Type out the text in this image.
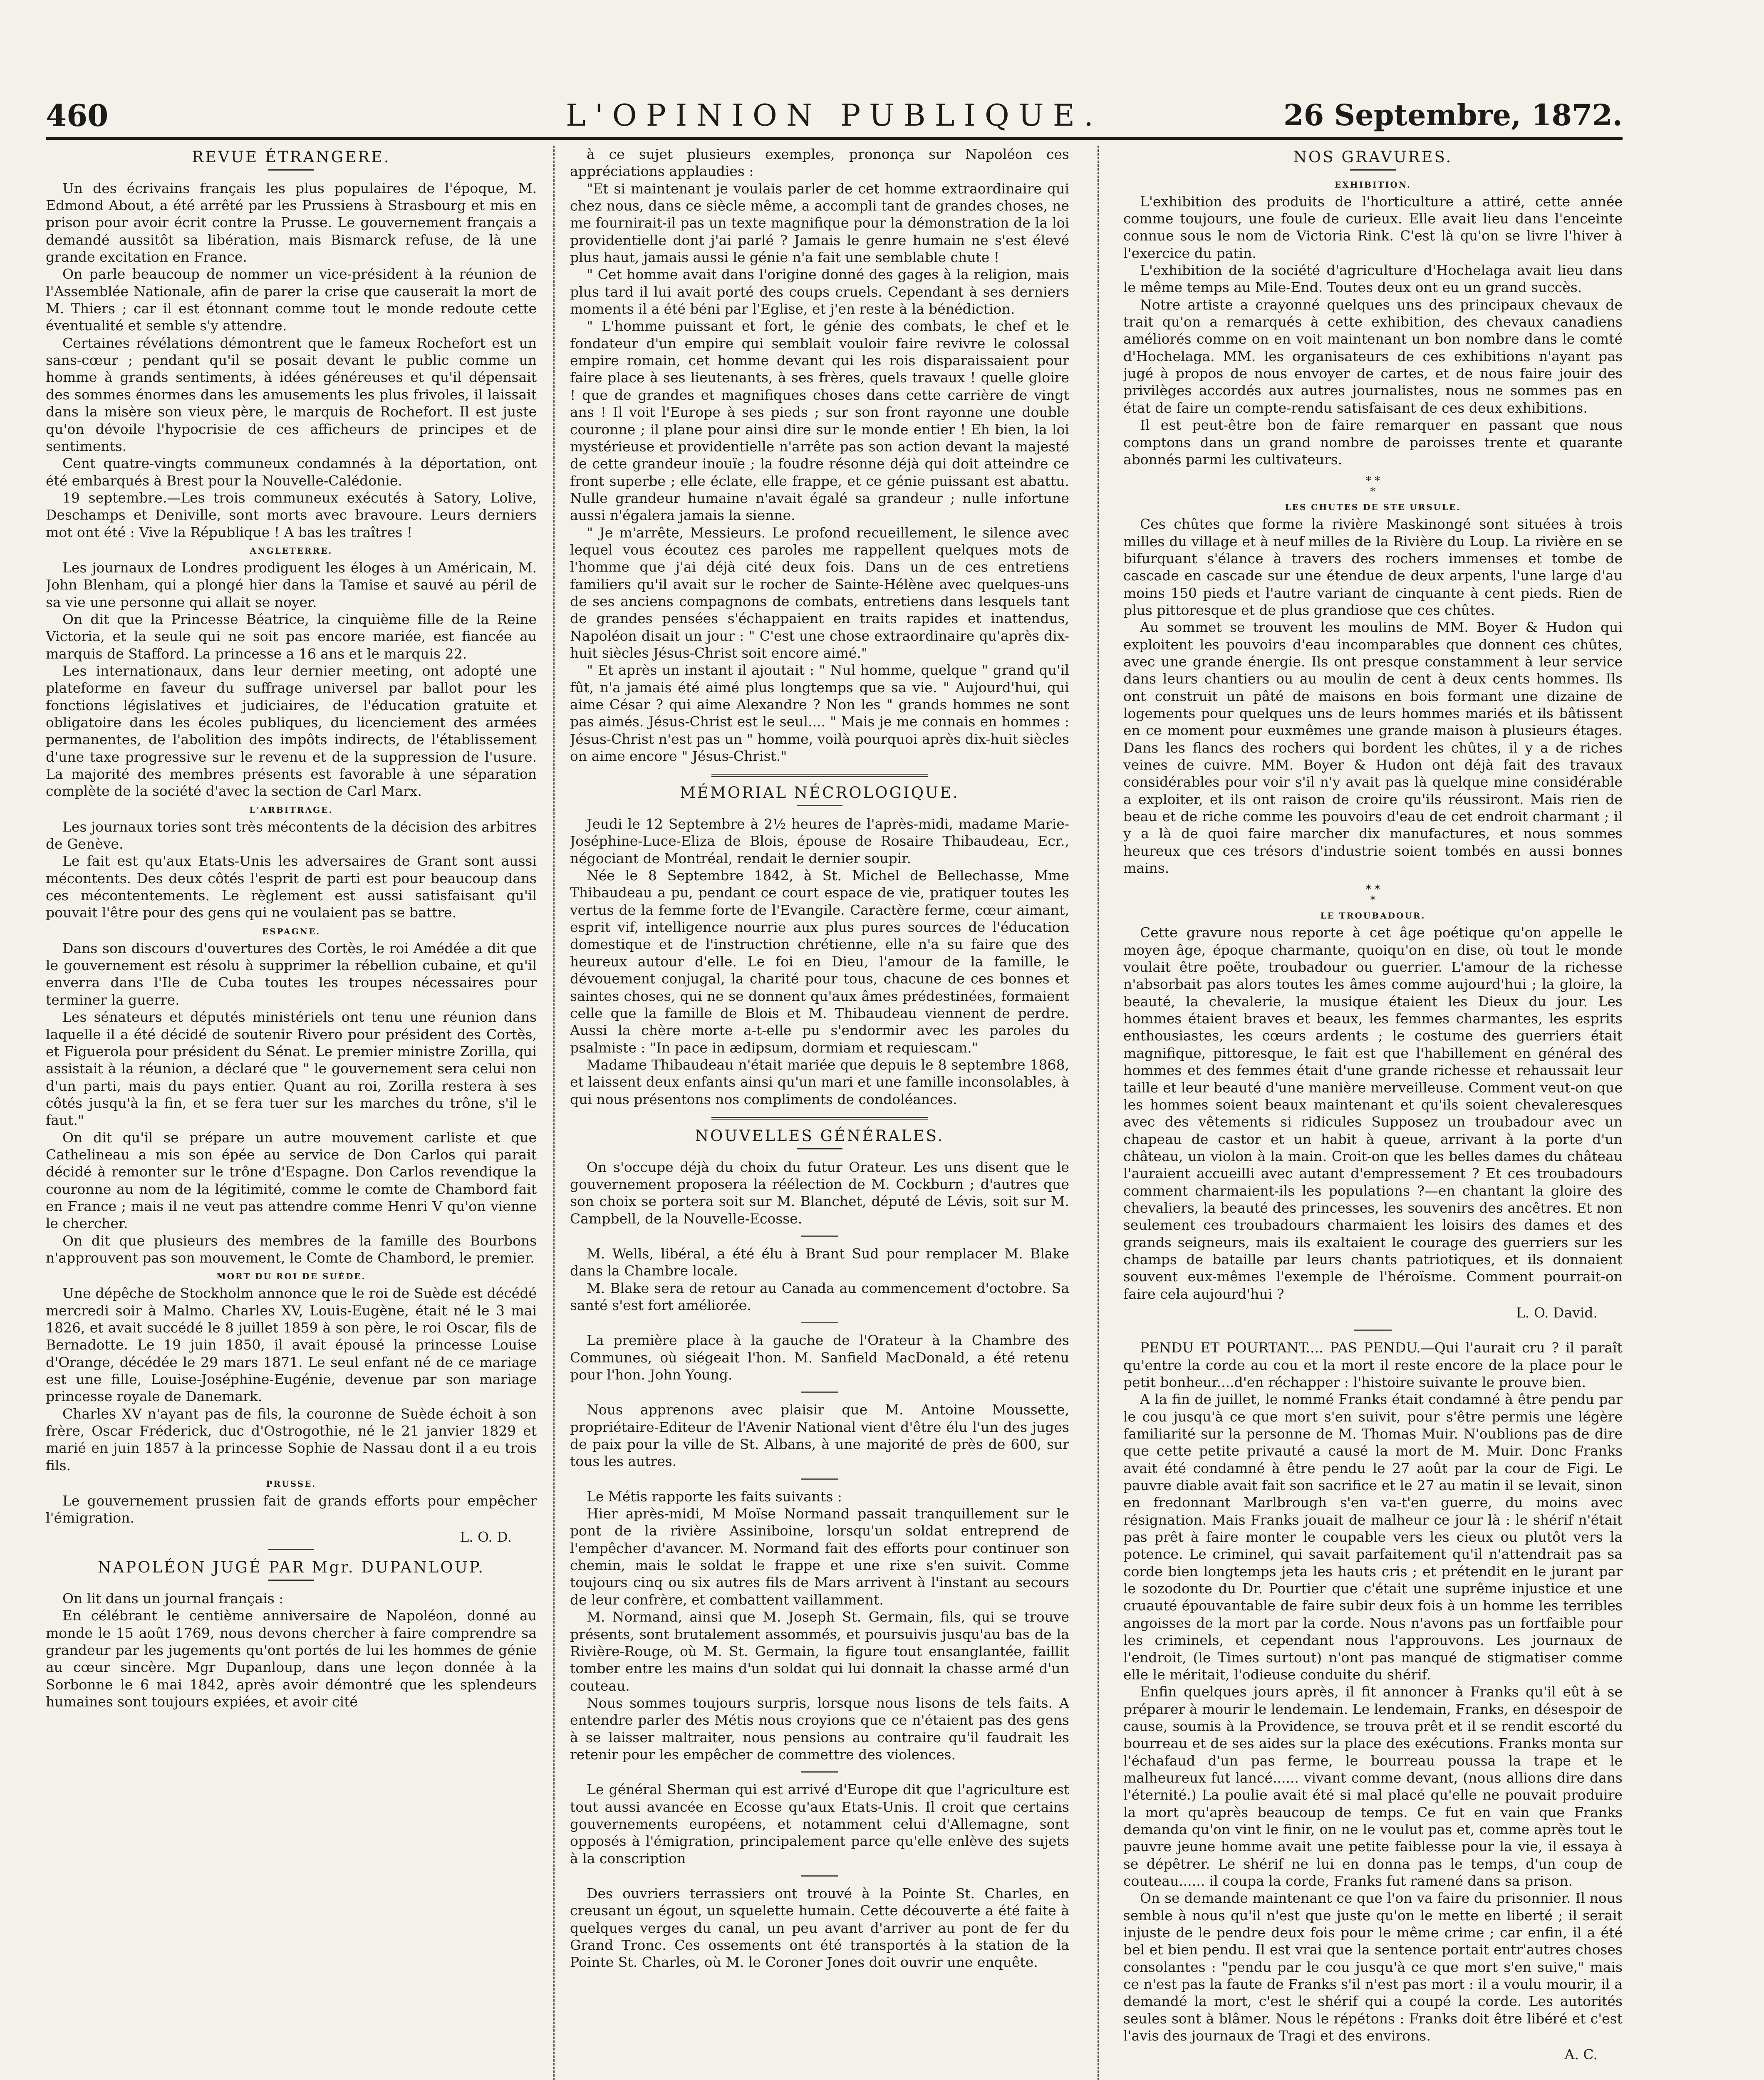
460	L'OPINION PUBLIQUE.	26 Septembre, 1872.
REVUE ÉTRANGERE.

Un des écrivains français les plus populaires de l'époque, M. Edmond About, a été arrêté par les Prussiens à Strasbourg et mis en prison pour avoir écrit contre la Prusse. Le gouvernement français a demandé aussitôt sa libération, mais Bismarck refuse, de là une grande excitation en France.

On parle beaucoup de nommer un vice-président à la réunion de l'Assemblée Nationale, afin de parer la crise que causerait la mort de M. Thiers ; car il est étonnant comme tout le monde redoute cette éventualité et semble s'y attendre.

Certaines révélations démontrent que le fameux Rochefort est un sans-cœur ; pendant qu'il se posait devant le public comme un homme à grands sentiments, à idées généreuses et qu'il dépensait des sommes énormes dans les amusements les plus frivoles, il laissait dans la misère son vieux père, le marquis de Rochefort. Il est juste qu'on dévoile l'hypocrisie de ces afficheurs de principes et de sentiments.

Cent quatre-vingts communeux condamnés à la déportation, ont été embarqués à Brest pour la Nouvelle-Calédonie.

19 septembre.—Les trois communeux exécutés à Satory, Lolive, Deschamps et Deniville, sont morts avec bravoure. Leurs derniers mot ont été : Vive la République ! A bas les traîtres !

ANGLETERRE.

Les journaux de Londres prodiguent les éloges à un Américain, M. John Blenham, qui a plongé hier dans la Tamise et sauvé au péril de sa vie une personne qui allait se noyer.

On dit que la Princesse Béatrice, la cinquième fille de la Reine Victoria, et la seule qui ne soit pas encore mariée, est fiancée au marquis de Stafford. La princesse a 16 ans et le marquis 22.

Les internationaux, dans leur dernier meeting, ont adopté une plateforme en faveur du suffrage universel par ballot pour les fonctions législatives et judiciaires, de l'éducation gratuite et obligatoire dans les écoles publiques, du licenciement des armées permanentes, de l'abolition des impôts indirects, de l'établissement d'une taxe progressive sur le revenu et de la suppression de l'usure. La majorité des membres présents est favorable à une séparation complète de la société d'avec la section de Carl Marx.

L'ARBITRAGE.

Les journaux tories sont très mécontents de la décision des arbitres de Genève.

Le fait est qu'aux Etats-Unis les adversaires de Grant sont aussi mécontents. Des deux côtés l'esprit de parti est pour beaucoup dans ces mécontentements. Le règlement est aussi satisfaisant qu'il pouvait l'être pour des gens qui ne voulaient pas se battre.

ESPAGNE.

Dans son discours d'ouvertures des Cortès, le roi Amédée a dit que le gouvernement est résolu à supprimer la rébellion cubaine, et qu'il enverra dans l'Ile de Cuba toutes les troupes nécessaires pour terminer la guerre.

Les sénateurs et députés ministériels ont tenu une réunion dans laquelle il a été décidé de soutenir Rivero pour président des Cortès, et Figuerola pour président du Sénat. Le premier ministre Zorilla, qui assistait à la réunion, a déclaré que " le gouvernement sera celui non d'un parti, mais du pays entier. Quant au roi, Zorilla restera à ses côtés jusqu'à la fin, et se fera tuer sur les marches du trône, s'il le faut."

On dit qu'il se prépare un autre mouvement carliste et que Cathelineau a mis son épée au service de Don Carlos qui parait décidé à remonter sur le trône d'Espagne. Don Carlos revendique la couronne au nom de la légitimité, comme le comte de Chambord fait en France ; mais il ne veut pas attendre comme Henri V qu'on vienne le chercher.

On dit que plusieurs des membres de la famille des Bourbons n'approuvent pas son mouvement, le Comte de Chambord, le premier.

MORT DU ROI DE SUÈDE.

Une dépêche de Stockholm annonce que le roi de Suède est décédé mercredi soir à Malmo. Charles XV, Louis-Eugène, était né le 3 mai 1826, et avait succédé le 8 juillet 1859 à son père, le roi Oscar, fils de Bernadotte. Le 19 juin 1850, il avait épousé la princesse Louise d'Orange, décédée le 29 mars 1871. Le seul enfant né de ce mariage est une fille, Louise-Joséphine-Eugénie, devenue par son mariage princesse royale de Danemark.

Charles XV n'ayant pas de fils, la couronne de Suède échoit à son frère, Oscar Fréderick, duc d'Ostrogothie, né le 21 janvier 1829 et marié en juin 1857 à la princesse Sophie de Nassau dont il a eu trois fils.

PRUSSE.

Le gouvernement prussien fait de grands efforts pour empêcher l'émigration.

L. O. D.

NAPOLÉON JUGÉ PAR Mgr. DUPANLOUP.

On lit dans un journal français :

En célébrant le centième anniversaire de Napoléon, donné au monde le 15 août 1769, nous devons chercher à faire comprendre sa grandeur par les jugements qu'ont portés de lui les hommes de génie au cœur sincère. Mgr Dupanloup, dans une leçon donnée à la Sorbonne le 6 mai 1842, après avoir démontré que les splendeurs humaines sont toujours expiées, et avoir cité

à ce sujet plusieurs exemples, prononça sur Napoléon ces appréciations applaudies :

"Et si maintenant je voulais parler de cet homme extraordinaire qui chez nous, dans ce siècle même, a accompli tant de grandes choses, ne me fournirait-il pas un texte magnifique pour la démonstration de la loi providentielle dont j'ai parlé ? Jamais le genre humain ne s'est élevé plus haut, jamais aussi le génie n'a fait une semblable chute !

" Cet homme avait dans l'origine donné des gages à la religion, mais plus tard il lui avait porté des coups cruels. Cependant à ses derniers moments il a été béni par l'Eglise, et j'en reste à la bénédiction.

" L'homme puissant et fort, le génie des combats, le chef et le fondateur d'un empire qui semblait vouloir faire revivre le colossal empire romain, cet homme devant qui les rois disparaissaient pour faire place à ses lieutenants, à ses frères, quels travaux ! quelle gloire ! que de grandes et magnifiques choses dans cette carrière de vingt ans ! Il voit l'Europe à ses pieds ; sur son front rayonne une double couronne ; il plane pour ainsi dire sur le monde entier ! Eh bien, la loi mystérieuse et providentielle n'arrête pas son action devant la majesté de cette grandeur inouïe ; la foudre résonne déjà qui doit atteindre ce front superbe ; elle éclate, elle frappe, et ce génie puissant est abattu. Nulle grandeur humaine n'avait égalé sa grandeur ; nulle infortune aussi n'égalera jamais la sienne.

" Je m'arrête, Messieurs. Le profond recueillement, le silence avec lequel vous écoutez ces paroles me rappellent quelques mots de l'homme que j'ai déjà cité deux fois. Dans un de ces entretiens familiers qu'il avait sur le rocher de Sainte-Hélène avec quelques-uns de ses anciens compagnons de combats, entretiens dans lesquels tant de grandes pensées s'échappaient en traits rapides et inattendus, Napoléon disait un jour : " C'est une chose extraordinaire qu'après dix-huit siècles Jésus-Christ soit encore aimé."

" Et après un instant il ajoutait : " Nul homme, quelque " grand qu'il fût, n'a jamais été aimé plus longtemps que sa vie. " Aujourd'hui, qui aime César ? qui aime Alexandre ? Non les " grands hommes ne sont pas aimés. Jésus-Christ est le seul.... " Mais je me connais en hommes : Jésus-Christ n'est pas un " homme, voilà pourquoi après dix-huit siècles on aime encore " Jésus-Christ."

MÉMORIAL NÉCROLOGIQUE.

Jeudi le 12 Septembre à 2½ heures de l'après-midi, madame Marie-Joséphine-Luce-Eliza de Blois, épouse de Rosaire Thibaudeau, Ecr., négociant de Montréal, rendait le dernier soupir.

Née le 8 Septembre 1842, à St. Michel de Bellechasse, Mme Thibaudeau a pu, pendant ce court espace de vie, pratiquer toutes les vertus de la femme forte de l'Evangile. Caractère ferme, cœur aimant, esprit vif, intelligence nourrie aux plus pures sources de l'éducation domestique et de l'instruction chrétienne, elle n'a su faire que des heureux autour d'elle. Le foi en Dieu, l'amour de la famille, le dévouement conjugal, la charité pour tous, chacune de ces bonnes et saintes choses, qui ne se donnent qu'aux âmes prédestinées, formaient celle que la famille de Blois et M. Thibaudeau viennent de perdre. Aussi la chère morte a-t-elle pu s'endormir avec les paroles du psalmiste : "In pace in ædipsum, dormiam et requiescam."

Madame Thibaudeau n'était mariée que depuis le 8 septembre 1868, et laissent deux enfants ainsi qu'un mari et une famille inconsolables, à qui nous présentons nos compliments de condoléances.

NOUVELLES GÉNÉRALES.

On s'occupe déjà du choix du futur Orateur. Les uns disent que le gouvernement proposera la réélection de M. Cockburn ; d'autres que son choix se portera soit sur M. Blanchet, député de Lévis, soit sur M. Campbell, de la Nouvelle-Ecosse.

M. Wells, libéral, a été élu à Brant Sud pour remplacer M. Blake dans la Chambre locale.

M. Blake sera de retour au Canada au commencement d'octobre. Sa santé s'est fort améliorée.

La première place à la gauche de l'Orateur à la Chambre des Communes, où siégeait l'hon. M. Sanfield MacDonald, a été retenu pour l'hon. John Young.

Nous apprenons avec plaisir que M. Antoine Moussette, propriétaire-Editeur de l'Avenir National vient d'être élu l'un des juges de paix pour la ville de St. Albans, à une majorité de près de 600, sur tous les autres.

Le Métis rapporte les faits suivants :

Hier après-midi, M Moïse Normand passait tranquillement sur le pont de la rivière Assiniboine, lorsqu'un soldat entreprend de l'empêcher d'avancer. M. Normand fait des efforts pour continuer son chemin, mais le soldat le frappe et une rixe s'en suivit. Comme toujours cinq ou six autres fils de Mars arrivent à l'instant au secours de leur confrère, et combattent vaillamment.

M. Normand, ainsi que M. Joseph St. Germain, fils, qui se trouve présents, sont brutalement assommés, et poursuivis jusqu'au bas de la Rivière-Rouge, où M. St. Germain, la figure tout ensanglantée, faillit tomber entre les mains d'un soldat qui lui donnait la chasse armé d'un couteau.

Nous sommes toujours surpris, lorsque nous lisons de tels faits. A entendre parler des Métis nous croyions que ce n'étaient pas des gens à se laisser maltraiter, nous pensions au contraire qu'il faudrait les retenir pour les empêcher de commettre des violences.

Le général Sherman qui est arrivé d'Europe dit que l'agriculture est tout aussi avancée en Ecosse qu'aux Etats-Unis. Il croit que certains gouvernements européens, et notamment celui d'Allemagne, sont opposés à l'émigration, principalement parce qu'elle enlève des sujets à la conscription

Des ouvriers terrassiers ont trouvé à la Pointe St. Charles, en creusant un égout, un squelette humain. Cette découverte a été faite à quelques verges du canal, un peu avant d'arriver au pont de fer du Grand Tronc. Ces ossements ont été transportés à la station de la Pointe St. Charles, où M. le Coroner Jones doit ouvrir une enquête.

NOS GRAVURES.
EXHIBITION.

L'exhibition des produits de l'horticulture a attiré, cette année comme toujours, une foule de curieux. Elle avait lieu dans l'enceinte connue sous le nom de Victoria Rink. C'est là qu'on se livre l'hiver à l'exercice du patin.

L'exhibition de la société d'agriculture d'Hochelaga avait lieu dans le même temps au Mile-End. Toutes deux ont eu un grand succès.

Notre artiste a crayonné quelques uns des principaux chevaux de trait qu'on a remarqués à cette exhibition, des chevaux canadiens améliorés comme on en voit maintenant un bon nombre dans le comté d'Hochelaga. MM. les organisateurs de ces exhibitions n'ayant pas jugé à propos de nous envoyer de cartes, et de nous faire jouir des privilèges accordés aux autres journalistes, nous ne sommes pas en état de faire un compte-rendu satisfaisant de ces deux exhibitions.

Il est peut-être bon de faire remarquer en passant que nous comptons dans un grand nombre de paroisses trente et quarante abonnés parmi les cultivateurs.

* *
*
LES CHUTES DE STE URSULE.

Ces chûtes que forme la rivière Maskinongé sont situées à trois milles du village et à neuf milles de la Rivière du Loup. La rivière en se bifurquant s'élance à travers des rochers immenses et tombe de cascade en cascade sur une étendue de deux arpents, l'une large d'au moins 150 pieds et l'autre variant de cinquante à cent pieds. Rien de plus pittoresque et de plus grandiose que ces chûtes.

Au sommet se trouvent les moulins de MM. Boyer & Hudon qui exploitent les pouvoirs d'eau incomparables que donnent ces chûtes, avec une grande énergie. Ils ont presque constamment à leur service dans leurs chantiers ou au moulin de cent à deux cents hommes. Ils ont construit un pâté de maisons en bois formant une dizaine de logements pour quelques uns de leurs hommes mariés et ils bâtissent en ce moment pour euxmêmes une grande maison à plusieurs étages. Dans les flancs des rochers qui bordent les chûtes, il y a de riches veines de cuivre. MM. Boyer & Hudon ont déjà fait des travaux considérables pour voir s'il n'y avait pas là quelque mine considérable a exploiter, et ils ont raison de croire qu'ils réussiront. Mais rien de beau et de riche comme les pouvoirs d'eau de cet endroit charmant ; il y a là de quoi faire marcher dix manufactures, et nous sommes heureux que ces trésors d'industrie soient tombés en aussi bonnes mains.

* *
*
LE TROUBADOUR.

Cette gravure nous reporte à cet âge poétique qu'on appelle le moyen âge, époque charmante, quoiqu'on en dise, où tout le monde voulait être poëte, troubadour ou guerrier. L'amour de la richesse n'absorbait pas alors toutes les âmes comme aujourd'hui ; la gloire, la beauté, la chevalerie, la musique étaient les Dieux du jour. Les hommes étaient braves et beaux, les femmes charmantes, les esprits enthousiastes, les cœurs ardents ; le costume des guerriers était magnifique, pittoresque, le fait est que l'habillement en général des hommes et des femmes était d'une grande richesse et rehaussait leur taille et leur beauté d'une manière merveilleuse. Comment veut-on que les hommes soient beaux maintenant et qu'ils soient chevaleresques avec des vêtements si ridicules Supposez un troubadour avec un chapeau de castor et un habit à queue, arrivant à la porte d'un château, un violon à la main. Croit-on que les belles dames du château l'auraient accueilli avec autant d'empressement ? Et ces troubadours comment charmaient-ils les populations ?—en chantant la gloire des chevaliers, la beauté des princesses, les souvenirs des ancêtres. Et non seulement ces troubadours charmaient les loisirs des dames et des grands seigneurs, mais ils exaltaient le courage des guerriers sur les champs de bataille par leurs chants patriotiques, et ils donnaient souvent eux-mêmes l'exemple de l'héroïsme. Comment pourrait-on faire cela aujourd'hui ?

L. O. David.

PENDU ET POURTANT.... PAS PENDU.—Qui l'aurait cru ? il paraît qu'entre la corde au cou et la mort il reste encore de la place pour le petit bonheur....d'en réchapper : l'histoire suivante le prouve bien.

A la fin de juillet, le nommé Franks était condamné à être pendu par le cou jusqu'à ce que mort s'en suivit, pour s'être permis une légère familiarité sur la personne de M. Thomas Muir. N'oublions pas de dire que cette petite privauté a causé la mort de M. Muir. Donc Franks avait été condamné à être pendu le 27 août par la cour de Figi. Le pauvre diable avait fait son sacrifice et le 27 au matin il se levait, sinon en fredonnant Marlbrough s'en va-t'en guerre, du moins avec résignation. Mais Franks jouait de malheur ce jour là : le shérif n'était pas prêt à faire monter le coupable vers les cieux ou plutôt vers la potence. Le criminel, qui savait parfaitement qu'il n'attendrait pas sa corde bien longtemps jeta les hauts cris ; et prétendit en le jurant par le sozodonte du Dr. Pourtier que c'était une suprême injustice et une cruauté épouvantable de faire subir deux fois à un homme les terribles angoisses de la mort par la corde. Nous n'avons pas un fortfaible pour les criminels, et cependant nous l'approuvons. Les journaux de l'endroit, (le Times surtout) n'ont pas manqué de stigmatiser comme elle le méritait, l'odieuse conduite du shérif.

Enfin quelques jours après, il fit annoncer à Franks qu'il eût à se préparer à mourir le lendemain. Le lendemain, Franks, en désespoir de cause, soumis à la Providence, se trouva prêt et il se rendit escorté du bourreau et de ses aides sur la place des exécutions. Franks monta sur l'échafaud d'un pas ferme, le bourreau poussa la trape et le malheureux fut lancé...... vivant comme devant, (nous allions dire dans l'éternité.) La poulie avait été si mal placé qu'elle ne pouvait produire la mort qu'après beaucoup de temps. Ce fut en vain que Franks demanda qu'on vint le finir, on ne le voulut pas et, comme après tout le pauvre jeune homme avait une petite faiblesse pour la vie, il essaya à se dépêtrer. Le shérif ne lui en donna pas le temps, d'un coup de couteau...... il coupa la corde, Franks fut ramené dans sa prison.

On se demande maintenant ce que l'on va faire du prisonnier. Il nous semble à nous qu'il n'est que juste qu'on le mette en liberté ; il serait injuste de le pendre deux fois pour le même crime ; car enfin, il a été bel et bien pendu. Il est vrai que la sentence portait entr'autres choses consolantes : "pendu par le cou jusqu'à ce que mort s'en suive," mais ce n'est pas la faute de Franks s'il n'est pas mort : il a voulu mourir, il a demandé la mort, c'est le shérif qui a coupé la corde. Les autorités seules sont à blâmer. Nous le répétons : Franks doit être libéré et c'est l'avis des journaux de Tragi et des environs.

A. C.
